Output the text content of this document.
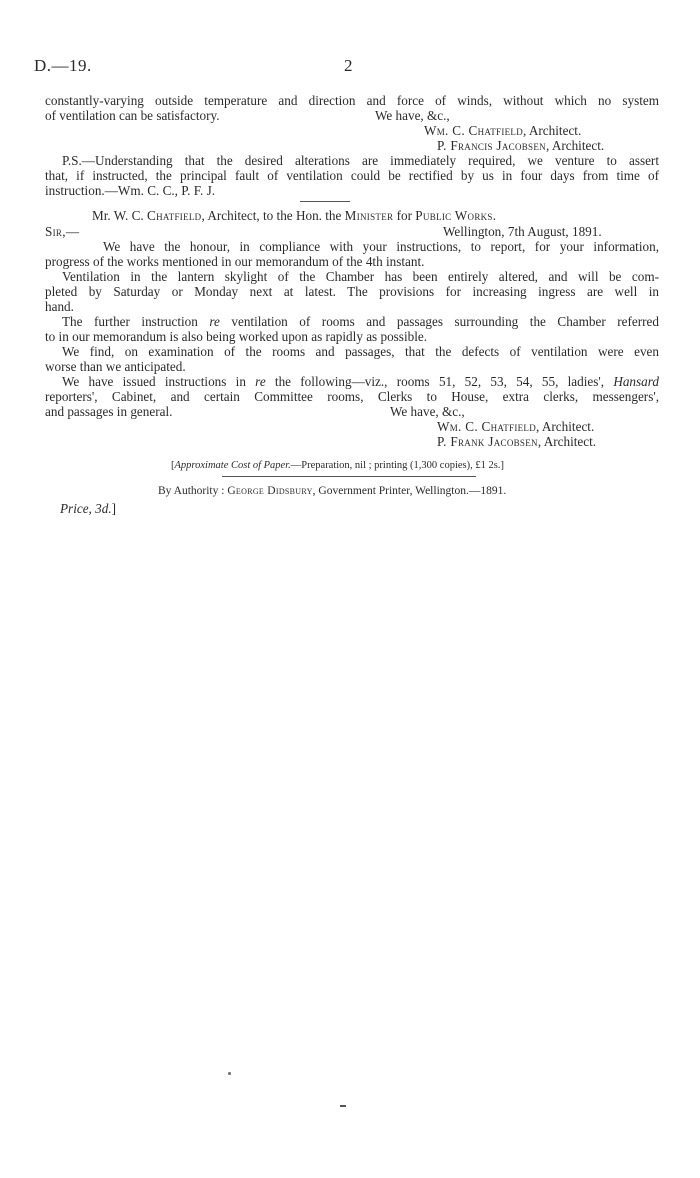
D.—19.	2
constantly-varying outside temperature and direction and force of winds, without which no system
of ventilation can be satisfactory.	We have, &c.,
Wm. C. Chatfield, Architect.
P. Francis Jacobsen, Architect.
P.S.—Understanding that the desired alterations are immediately required, we venture to assert
that, if instructed, the principal fault of ventilation could be rectified by us in four days from time of
instruction.—Wm. C. C., P. F. J.
Mr. W. C. Chatfield, Architect, to the Hon. the Minister for Public Works.
Sir,—	Wellington, 7th August, 1891.
We have the honour, in compliance with your instructions, to report, for your information,
progress of the works mentioned in our memorandum of the 4th instant.
Ventilation in the lantern skylight of the Chamber has been entirely altered, and will be com-
pleted by Saturday or Monday next at latest. The provisions for increasing ingress are well in
hand.
The further instruction re ventilation of rooms and passages surrounding the Chamber referred
to in our memorandum is also being worked upon as rapidly as possible.
We find, on examination of the rooms and passages, that the defects of ventilation were even
worse than we anticipated.
We have issued instructions in re the following—viz., rooms 51, 52, 53, 54, 55, ladies', Hansard
reporters', Cabinet, and certain Committee rooms, Clerks to House, extra clerks, messengers',
and passages in general.	We have, &c.,
Wm. C. Chatfield, Architect.
P. Frank Jacobsen, Architect.
[Approximate Cost of Paper.—Preparation, nil ; printing (1,300 copies), £1 2s.]
By Authority : George Didsbury, Government Printer, Wellington.—1891.
Price, 3d.]
